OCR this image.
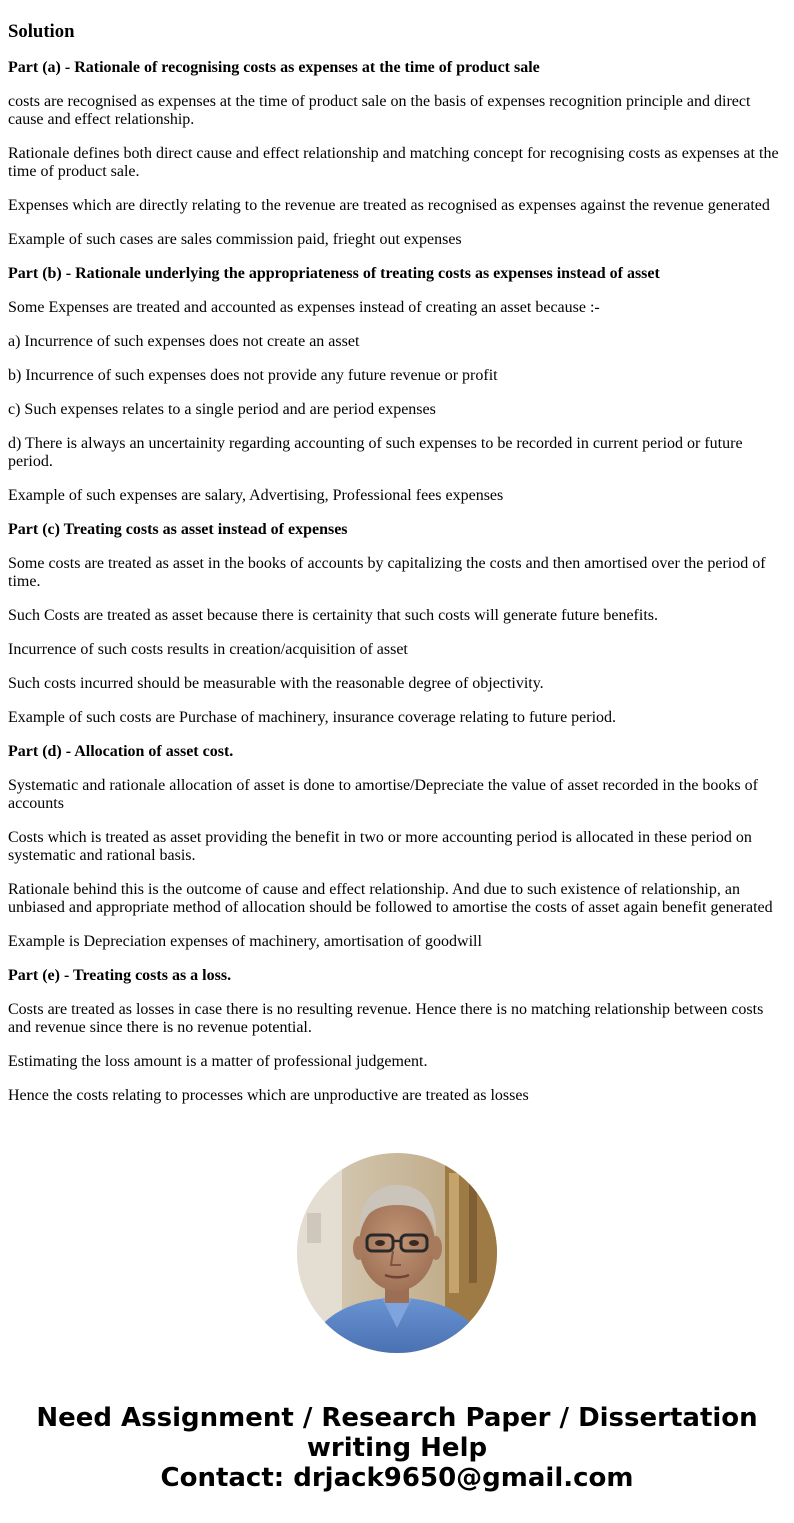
Solution

Part (a) - Rationale of recognising costs as expenses at the time of product sale

costs are recognised as expenses at the time of product sale on the basis of expenses recognition principle and direct cause and effect relationship.

Rationale defines both direct cause and effect relationship and matching concept for recognising costs as expenses at the time of product sale.

Expenses which are directly relating to the revenue are treated as recognised as expenses against the revenue generated

Example of such cases are sales commission paid, frieght out expenses

Part (b) - Rationale underlying the appropriateness of treating costs as expenses instead of asset

Some Expenses are treated and accounted as expenses instead of creating an asset because :-

a) Incurrence of such expenses does not create an asset

b) Incurrence of such expenses does not provide any future revenue or profit

c) Such expenses relates to a single period and are period expenses

d) There is always an uncertainity regarding accounting of such expenses to be recorded in current period or future period.

Example of such expenses are salary, Advertising, Professional fees expenses

Part (c) Treating costs as asset instead of expenses

Some costs are treated as asset in the books of accounts by capitalizing the costs and then amortised over the period of time.

Such Costs are treated as asset because there is certainity that such costs will generate future benefits.

Incurrence of such costs results in creation/acquisition of asset

Such costs incurred should be measurable with the reasonable degree of objectivity.

Example of such costs are Purchase of machinery, insurance coverage relating to future period.

Part (d) - Allocation of asset cost.

Systematic and rationale allocation of asset is done to amortise/Depreciate the value of asset recorded in the books of accounts

Costs which is treated as asset providing the benefit in two or more accounting period is allocated in these period on systematic and rational basis.

Rationale behind this is the outcome of cause and effect relationship. And due to such existence of relationship, an unbiased and appropriate method of allocation should be followed to amortise the costs of asset again benefit generated

Example is Depreciation expenses of machinery, amortisation of goodwill

Part (e) - Treating costs as a loss.

Costs are treated as losses in case there is no resulting revenue. Hence there is no matching relationship between costs and revenue since there is no revenue potential.

Estimating the loss amount is a matter of professional judgement.

Hence the costs relating to processes which are unproductive are treated as losses

Need Assignment / Research Paper / Dissertation
writing Help
Contact: drjack9650@gmail.com
